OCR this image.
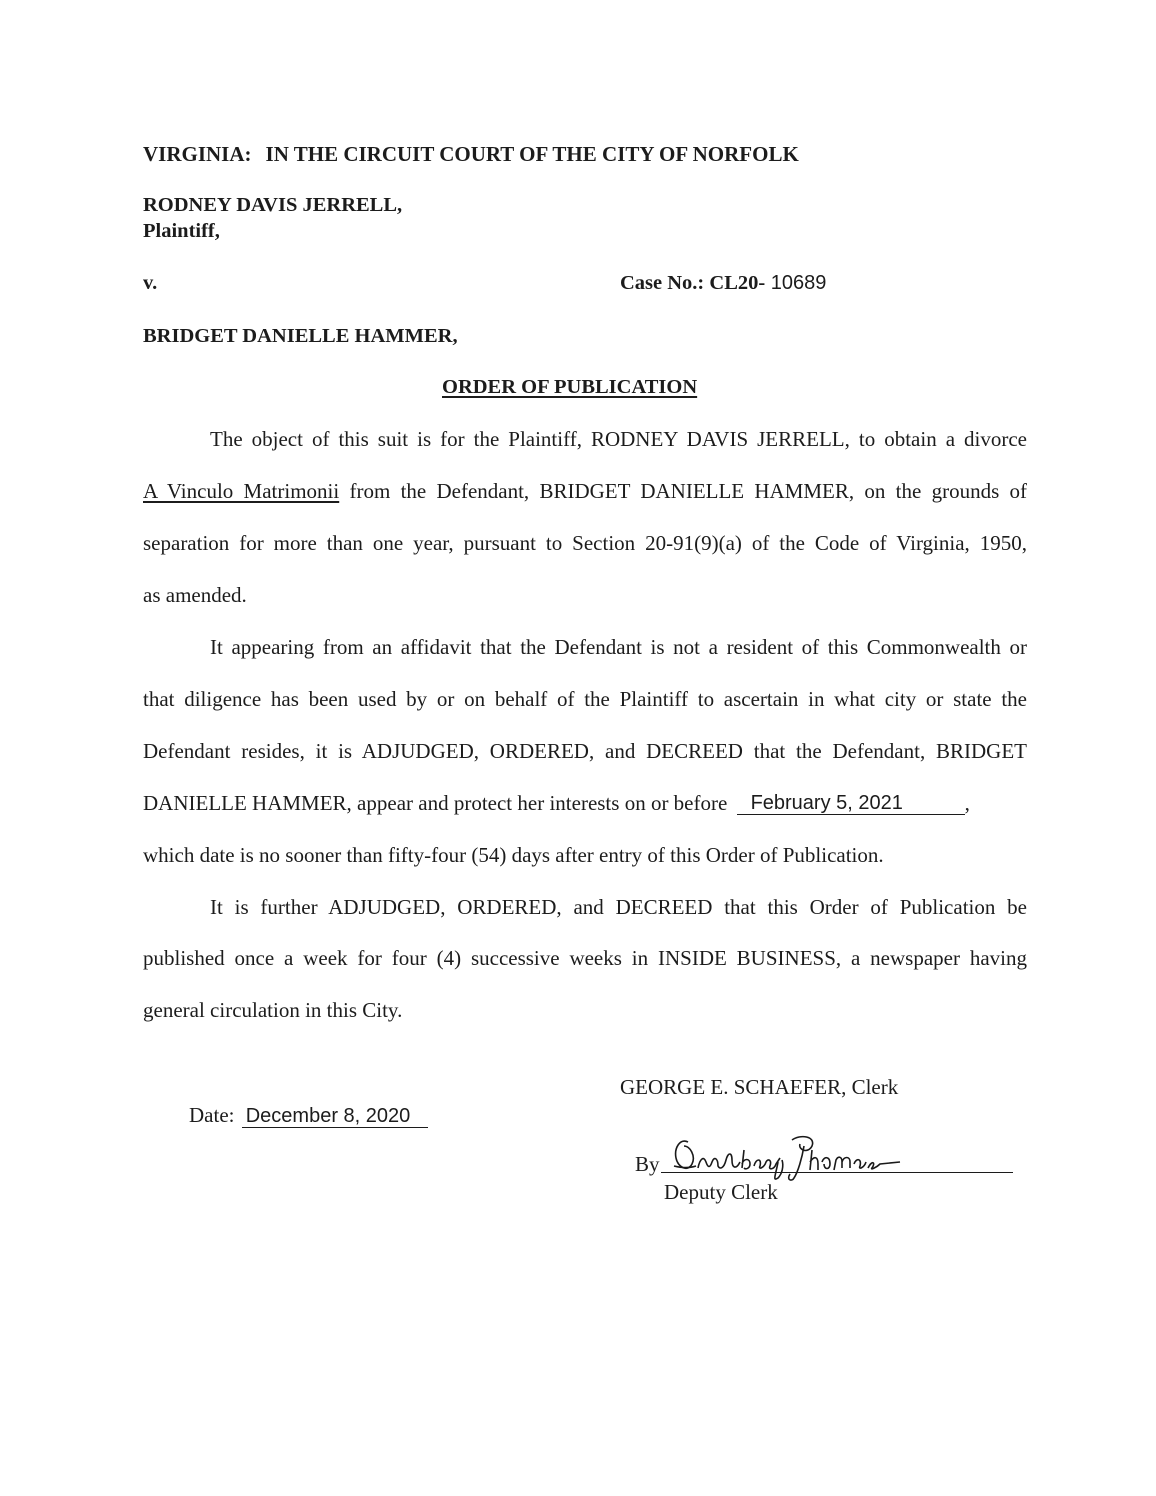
VIRGINIA: IN THE CIRCUIT COURT OF THE CITY OF NORFOLK
RODNEY DAVIS JERRELL,
Plaintiff,
v.	Case No.: CL20- 10689
BRIDGET DANIELLE HAMMER,
ORDER OF PUBLICATION
The object of this suit is for the Plaintiff, RODNEY DAVIS JERRELL, to obtain a divorce
A Vinculo Matrimonii from the Defendant, BRIDGET DANIELLE HAMMER, on the grounds of
separation for more than one year, pursuant to Section 20-91(9)(a) of the Code of Virginia, 1950,
as amended.
It appearing from an affidavit that the Defendant is not a resident of this Commonwealth or
that diligence has been used by or on behalf of the Plaintiff to ascertain in what city or state the
Defendant resides, it is ADJUDGED, ORDERED, and DECREED that the Defendant, BRIDGET
DANIELLE HAMMER, appear and protect her interests on or before February 5, 2021	,
which date is no sooner than fifty-four (54) days after entry of this Order of Publication.
It is further ADJUDGED, ORDERED, and DECREED that this Order of Publication be
published once a week for four (4) successive weeks in INSIDE BUSINESS, a newspaper having
general circulation in this City.
GEORGE E. SCHAEFER, Clerk
Date: December 8, 2020
By
Deputy Clerk
